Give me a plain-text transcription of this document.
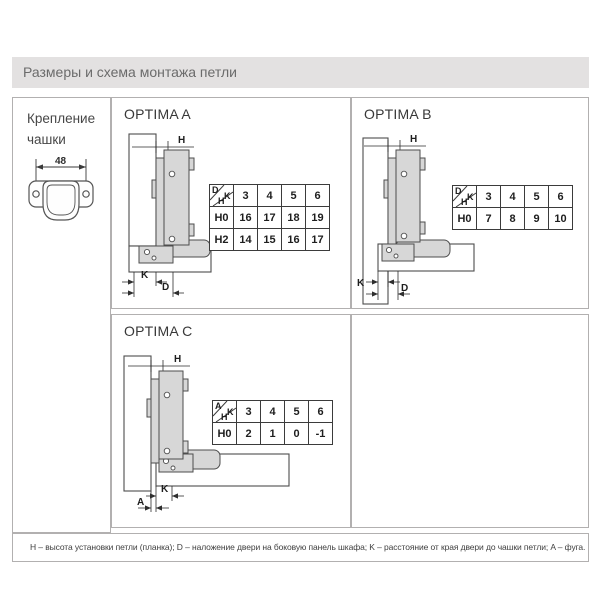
Размеры и схема монтажа петли
Крепление
чашки
48
OPTIMA A
H
K
D
D
K
H	3	4	5	6
H0	16	17	18	19
H2	14	15	16	17
OPTIMA B
H
K	D
D
K
H	3	4	5	6
H0	7	8	9	10
OPTIMA C
H
K
A
A
K
H	3	4	5	6
H0	2	1	0	-1
H – высота установки петли (планка); D – наложение двери на боковую панель шкафа; K – расстояние от края двери до чашки петли; A – фуга.
